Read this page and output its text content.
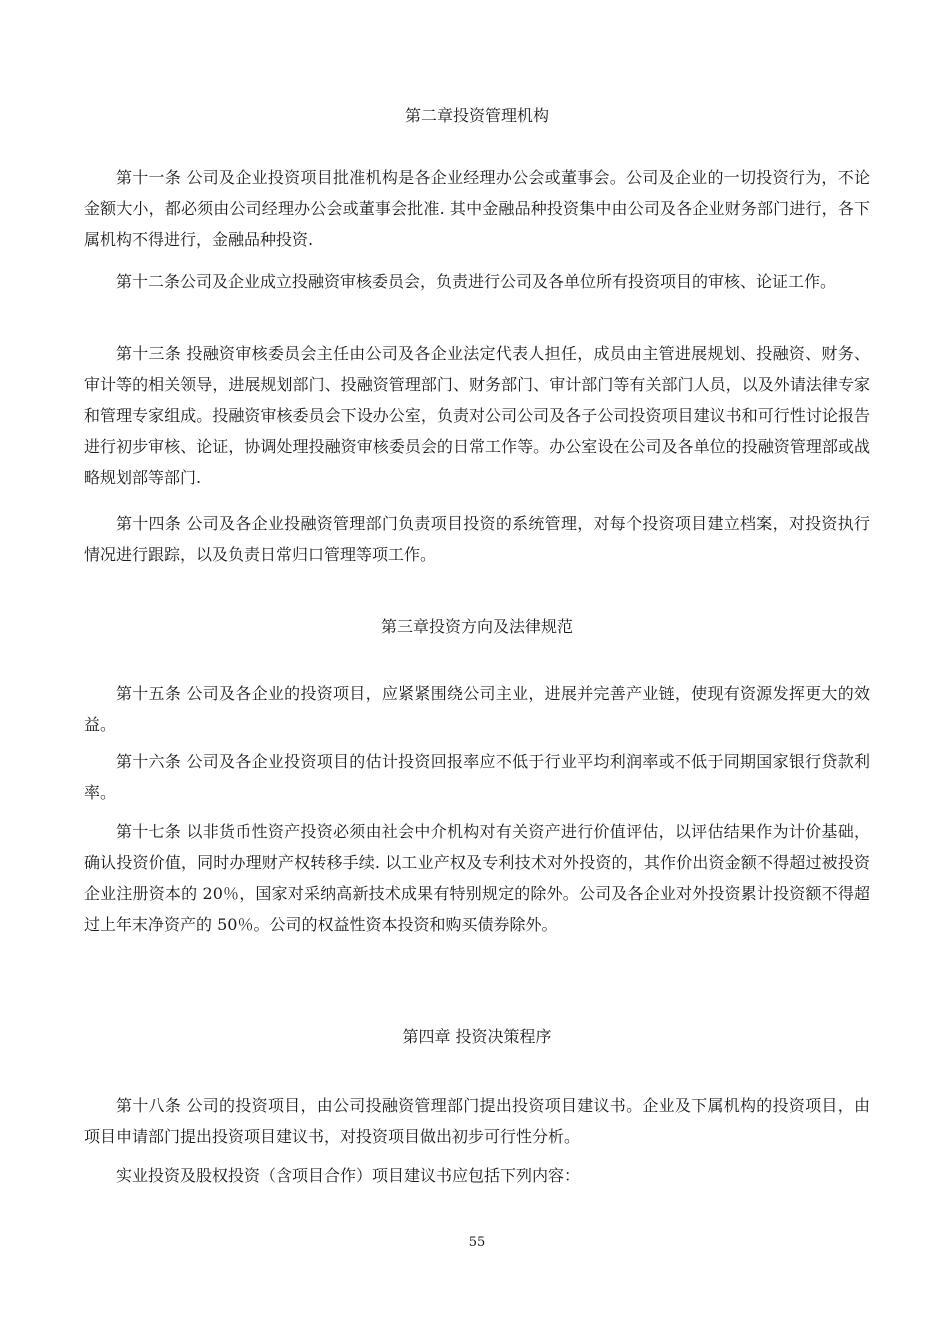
第二章投资管理机构

第十一条 公司及企业投资项目批准机构是各企业经理办公会或董事会。公司及企业的一切投资行为，不论金额大小，都必须由公司经理办公会或董事会批准. 其中金融品种投资集中由公司及各企业财务部门进行，各下属机构不得进行，金融品种投资.

第十二条公司及企业成立投融资审核委员会，负责进行公司及各单位所有投资项目的审核、论证工作。

第十三条 投融资审核委员会主任由公司及各企业法定代表人担任，成员由主管进展规划、投融资、财务、审计等的相关领导，进展规划部门、投融资管理部门、财务部门、审计部门等有关部门人员，以及外请法律专家和管理专家组成。投融资审核委员会下设办公室，负责对公司公司及各子公司投资项目建议书和可行性讨论报告进行初步审核、论证，协调处理投融资审核委员会的日常工作等。办公室设在公司及各单位的投融资管理部或战略规划部等部门.

第十四条 公司及各企业投融资管理部门负责项目投资的系统管理，对每个投资项目建立档案，对投资执行情况进行跟踪，以及负责日常归口管理等项工作。

第三章投资方向及法律规范

第十五条 公司及各企业的投资项目，应紧紧围绕公司主业，进展并完善产业链，使现有资源发挥更大的效益。

第十六条 公司及各企业投资项目的估计投资回报率应不低于行业平均利润率或不低于同期国家银行贷款利率。

第十七条 以非货币性资产投资必须由社会中介机构对有关资产进行价值评估，以评估结果作为计价基础，确认投资价值，同时办理财产权转移手续. 以工业产权及专利技术对外投资的，其作价出资金额不得超过被投资企业注册资本的 20％，国家对采纳高新技术成果有特别规定的除外。公司及各企业对外投资累计投资额不得超过上年末净资产的 50％。公司的权益性资本投资和购买债券除外。

第四章 投资决策程序

第十八条 公司的投资项目，由公司投融资管理部门提出投资项目建议书。企业及下属机构的投资项目，由项目申请部门提出投资项目建议书，对投资项目做出初步可行性分析。

实业投资及股权投资（含项目合作）项目建议书应包括下列内容：

55
